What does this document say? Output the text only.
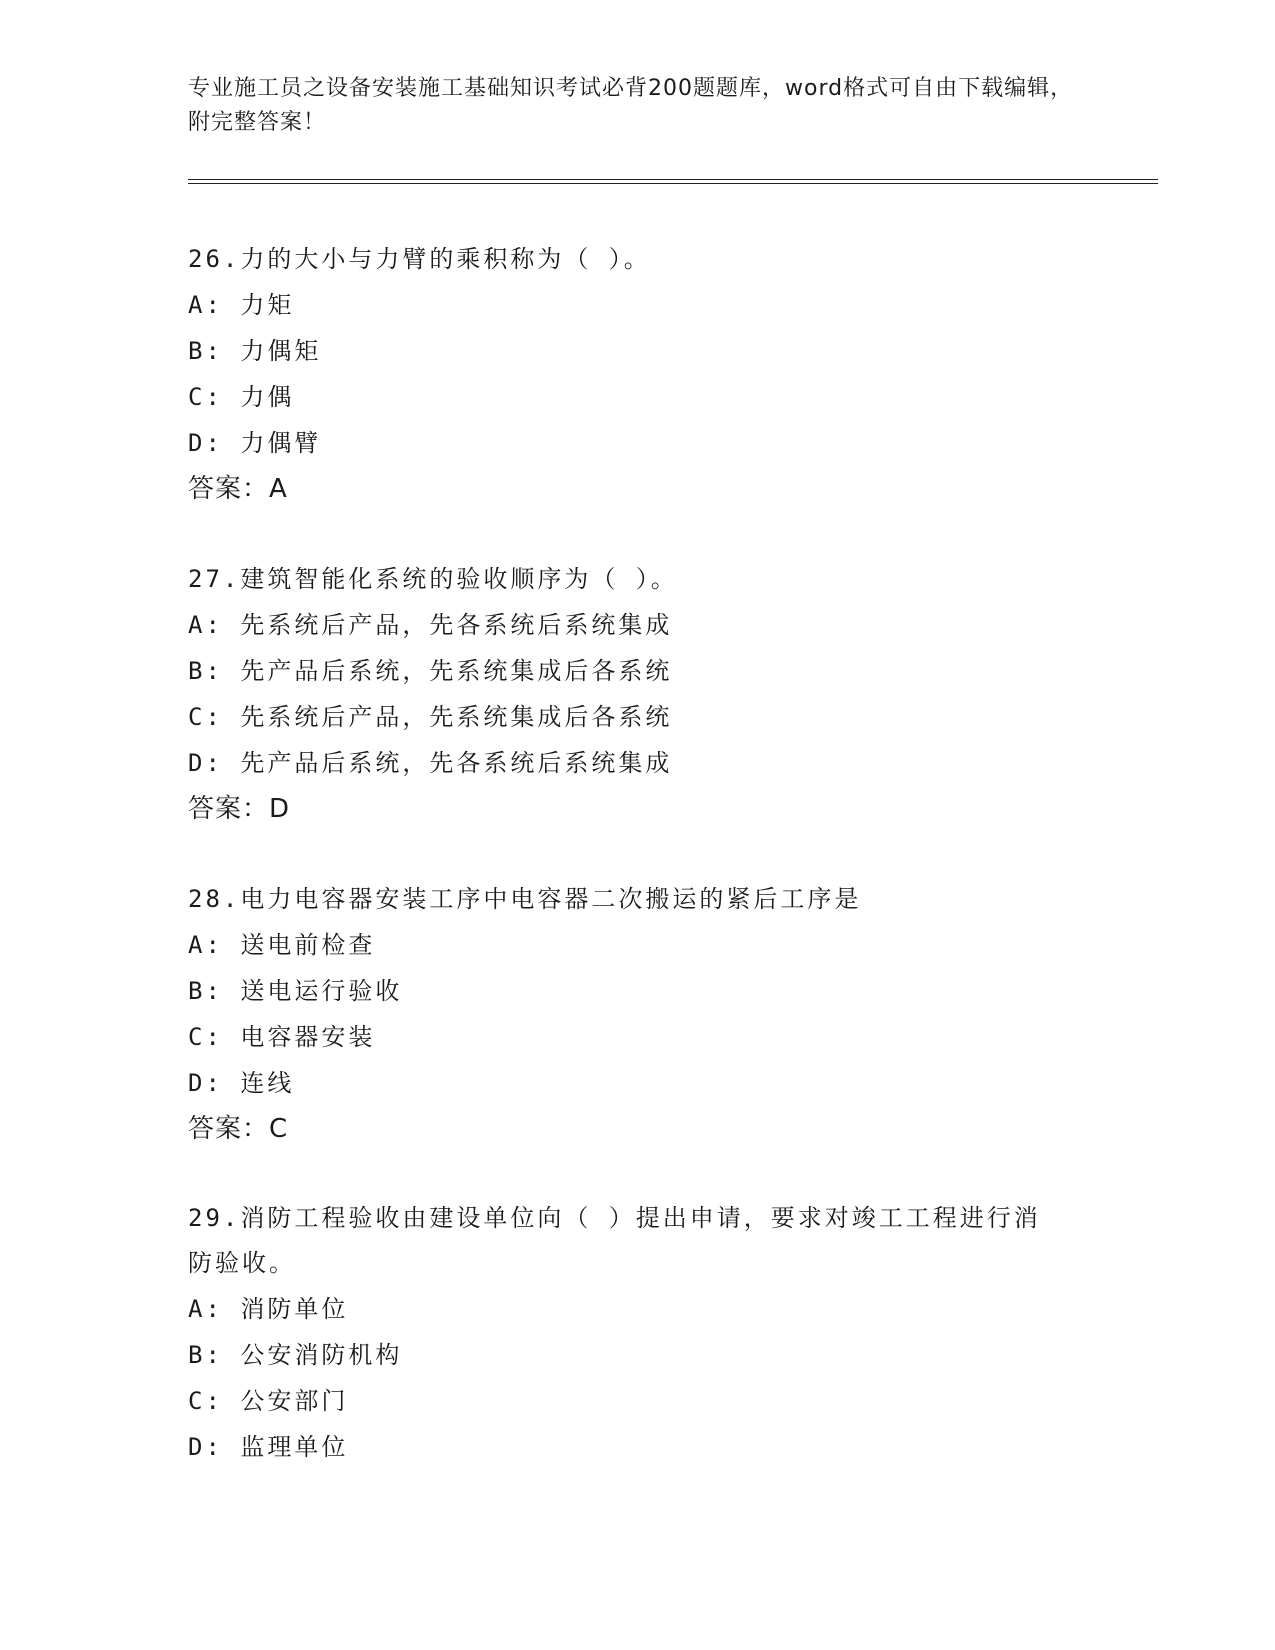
专业施工员之设备安装施工基础知识考试必背200题题库，word格式可自由下载编辑，附完整答案！
26.力的大小与力臂的乘积称为（ ）。
A: 力矩
B: 力偶矩
C: 力偶
D: 力偶臂
答案：A
27.建筑智能化系统的验收顺序为（ ）。
A: 先系统后产品，先各系统后系统集成
B: 先产品后系统，先系统集成后各系统
C: 先系统后产品，先系统集成后各系统
D: 先产品后系统，先各系统后系统集成
答案：D
28.电力电容器安装工序中电容器二次搬运的紧后工序是
A: 送电前检查
B: 送电运行验收
C: 电容器安装
D: 连线
答案：C
29.消防工程验收由建设单位向（ ）提出申请，要求对竣工工程进行消防验收。
A: 消防单位
B: 公安消防机构
C: 公安部门
D: 监理单位
